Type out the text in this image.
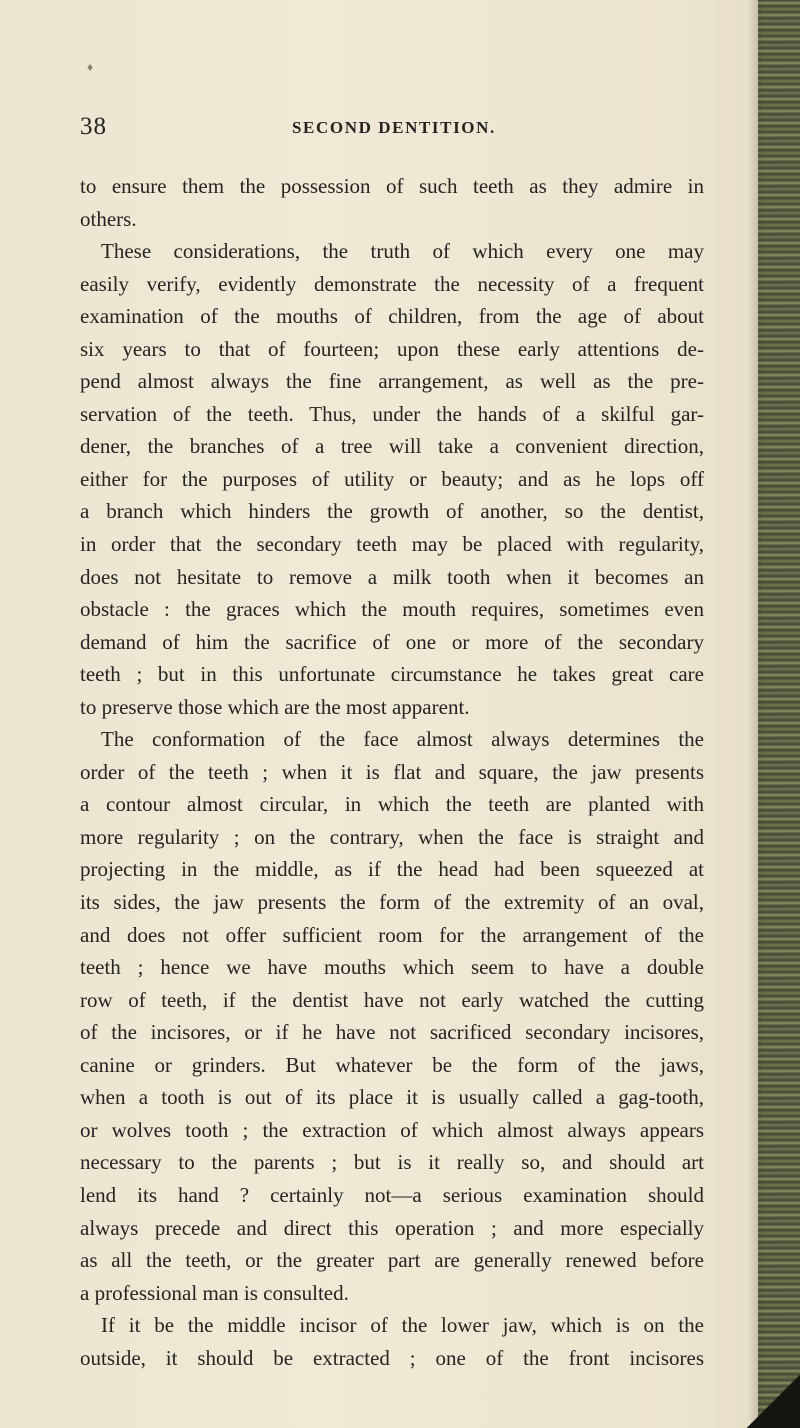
♦
38	SECOND DENTITION.
to ensure them the possession of such teeth as they admire in
others.
These considerations, the truth of which every one may
easily verify, evidently demonstrate the necessity of a frequent
examination of the mouths of children, from the age of about
six years to that of fourteen; upon these early attentions de-
pend almost always the fine arrangement, as well as the pre-
servation of the teeth. Thus, under the hands of a skilful gar-
dener, the branches of a tree will take a convenient direction,
either for the purposes of utility or beauty; and as he lops off
a branch which hinders the growth of another, so the dentist,
in order that the secondary teeth may be placed with regularity,
does not hesitate to remove a milk tooth when it becomes an
obstacle : the graces which the mouth requires, sometimes even
demand of him the sacrifice of one or more of the secondary
teeth ; but in this unfortunate circumstance he takes great care
to preserve those which are the most apparent.
The conformation of the face almost always determines the
order of the teeth ; when it is flat and square, the jaw presents
a contour almost circular, in which the teeth are planted with
more regularity ; on the contrary, when the face is straight and
projecting in the middle, as if the head had been squeezed at
its sides, the jaw presents the form of the extremity of an oval,
and does not offer sufficient room for the arrangement of the
teeth ; hence we have mouths which seem to have a double
row of teeth, if the dentist have not early watched the cutting
of the incisores, or if he have not sacrificed secondary incisores,
canine or grinders. But whatever be the form of the jaws,
when a tooth is out of its place it is usually called a gag-tooth,
or wolves tooth ; the extraction of which almost always appears
necessary to the parents ; but is it really so, and should art
lend its hand ? certainly not—a serious examination should
always precede and direct this operation ; and more especially
as all the teeth, or the greater part are generally renewed before
a professional man is consulted.
If it be the middle incisor of the lower jaw, which is on the
outside, it should be extracted ; one of the front incisores
